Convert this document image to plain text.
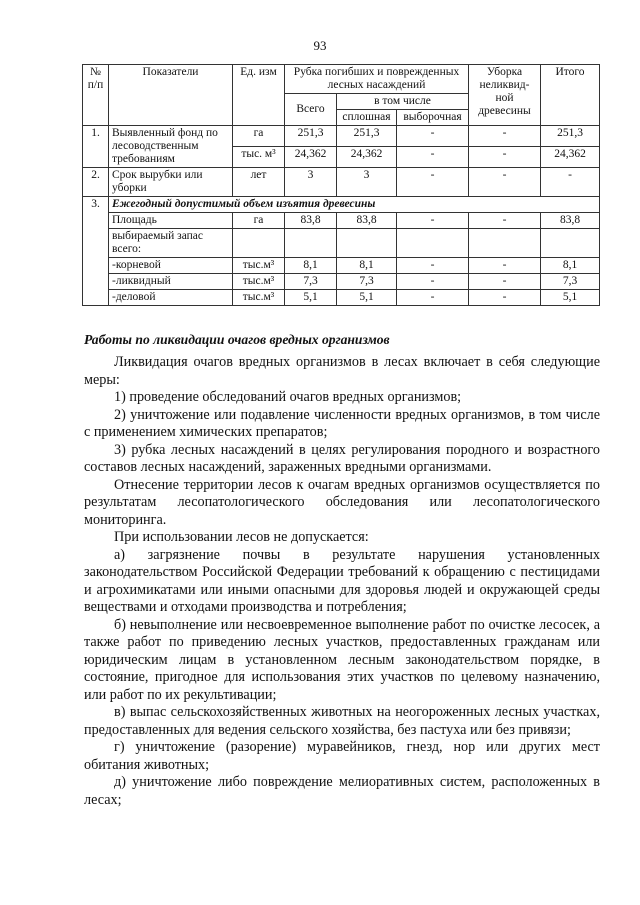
93
№ п/п	Показатели	Ед. изм	Рубка погибших и поврежденных лесных насаждений			Уборка неликвид-ной древесины	Итого
			Всего	в том числе			
				сплошная	выборочная		
1.	Выявленный фонд по лесоводственным требованиям	га	251,3	251,3	-	-	251,3
		тыс. м³	24,362	24,362	-	-	24,362
2.	Срок вырубки или уборки	лет	3	3	-	-	-
3.	Ежегодный допустимый объем изъятия древесины						
	Площадь	га	83,8	83,8	-	-	83,8
	выбираемый запас всего:						
	-корневой	тыс.м³	8,1	8,1	-	-	8,1
	-ликвидный	тыс.м³	7,3	7,3	-	-	7,3
	-деловой	тыс.м³	5,1	5,1	-	-	5,1
Работы по ликвидации очагов вредных организмов

Ликвидация очагов вредных организмов в лесах включает в себя следующие меры:

1) проведение обследований очагов вредных организмов;

2) уничтожение или подавление численности вредных организмов, в том числе с применением химических препаратов;

3) рубка лесных насаждений в целях регулирования породного и возрастного составов лесных насаждений, зараженных вредными организмами.

Отнесение территории лесов к очагам вредных организмов осуществляется по результатам лесопатологического обследования или лесопатологического мониторинга.

При использовании лесов не допускается:

а) загрязнение почвы в результате нарушения установленных законодательством Российской Федерации требований к обращению с пестицидами и агрохимикатами или иными опасными для здоровья людей и окружающей среды веществами и отходами производства и потребления;

б) невыполнение или несвоевременное выполнение работ по очистке лесосек, а также работ по приведению лесных участков, предоставленных гражданам или юридическим лицам в установленном лесным законодательством порядке, в состояние, пригодное для использования этих участков по целевому назначению, или работ по их рекультивации;

в) выпас сельскохозяйственных животных на неогороженных лесных участках, предоставленных для ведения сельского хозяйства, без пастуха или без привязи;

г) уничтожение (разорение) муравейников, гнезд, нор или других мест обитания животных;

д) уничтожение либо повреждение мелиоративных систем, расположенных в лесах;
